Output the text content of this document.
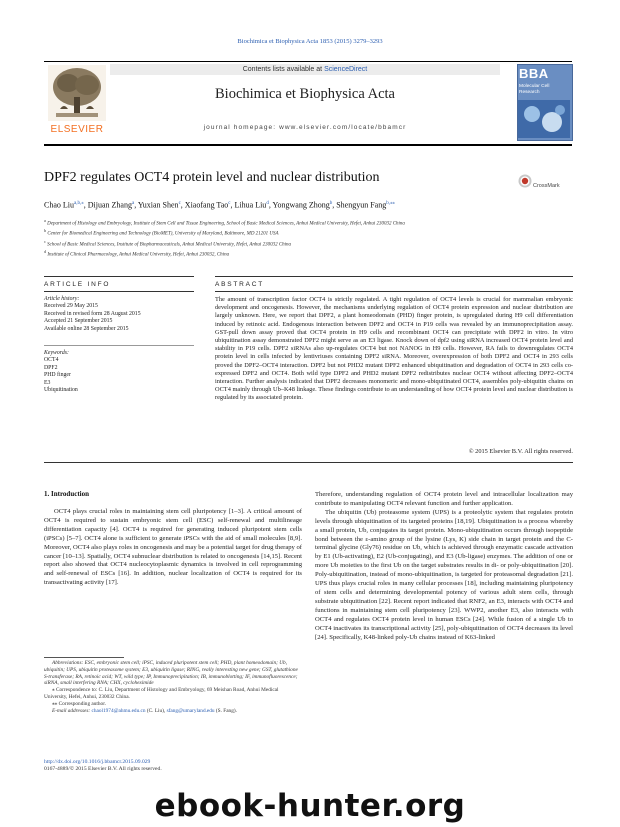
Biochimica et Biophysica Acta 1853 (2015) 3279–3293
Contents lists available at ScienceDirect
Biochimica et Biophysica Acta
journal homepage: www.elsevier.com/locate/bbamcr
ELSEVIER
BBA
Molecular Cell Research
DPF2 regulates OCT4 protein level and nuclear distribution
CrossMark
Chao Liu$^{a,b,⁎}$, Dijuan Zhang$^a$, Yuxian Shen$^c$, Xiaofang Tao$^c$, Lihua Liu$^d$, Yongwang Zhong$^b$, Shengyun Fang$^{b,⁎⁎}$
$^a$ Department of Histology and Embryology, Institute of Stem Cell and Tissue Engineering, School of Basic Medical Sciences, Anhui Medical University, Hefei, Anhui 230032 China
$^b$ Center for Biomedical Engineering and Technology (BioMET), University of Maryland, Baltimore, MD 21201 USA
$^c$ School of Basic Medical Sciences, Institute of Biopharmaceuticals, Anhui Medical University, Hefei, Anhui 230032 China
$^d$ Institute of Clinical Pharmacology, Anhui Medical University, Hefei, Anhui 230032, China
ARTICLE INFO	ABSTRACT
Article history:
Received 29 May 2015
Received in revised form 28 August 2015
Accepted 21 September 2015
Available online 28 September 2015
Keywords:
OCT4
DPF2
PHD finger
E3
Ubiquitination
The amount of transcription factor OCT4 is strictly regulated. A tight regulation of OCT4 levels is crucial for mammalian embryonic development and oncogenesis. However, the mechanisms underlying regulation of OCT4 protein expression and nuclear distribution are largely unknown. Here, we report that DPF2, a plant homeodomain (PHD) finger protein, is upregulated during H9 cell differentiation induced by retinoic acid. Endogenous interaction between DPF2 and OCT4 in P19 cells was revealed by an immunoprecipitation assay. GST-pull down assay proved that OCT4 protein in H9 cells and recombinant OCT4 can precipitate with DPF2 in vitro. In vitro ubiquitination assay demonstrated DPF2 might serve as an E3 ligase. Knock down of dpf2 using siRNA increased OCT4 protein level and stability in P19 cells. DPF2 siRNAs also up-regulates OCT4 but not NANOG in H9 cells. However, RA fails to downregulates OCT4 protein level in cells infected by lentivriuses containing DPF2 siRNA. Moreover, overexpression of both DPF2 and OCT4 in 293 cells proved the DPF2–OCT4 interaction. DPF2 but not PHD2 mutant DPF2 enhanced ubiquitination and degradation of OCT4 in 293 cells co-expressed DPF2 and OCT4. Both wild type DPF2 and PHD2 mutant DPF2 redistributes nuclear OCT4 without affecting DPF2–OCT4 interaction. Further analysis indicated that DPF2 decreases monomeric and mono-ubiquitinated OCT4, assembles poly-ubiquitin chains on OCT4 mainly through Ub–K48 linkage. These findings contribute to an understanding of how OCT4 protein level and nuclear distribution is regulated by its associated protein.
© 2015 Elsevier B.V. All rights reserved.
1. Introduction
OCT4 plays crucial roles in maintaining stem cell pluripotency [1–3]. A critical amount of OCT4 is required to sustain embryonic stem cell (ESC) self-renewal and multilineage differentiation capacity [4]. OCT4 is required for generating induced pluripotent stem cells (iPSCs) [5–7]. OCT4 alone is sufficient to generate iPSCs with the aid of small molecules [8,9]. Moreover, OCT4 also plays roles in oncogenesis and may be a potential target for drug therapy of cancer [10–13]. Spatially, OCT4 subnuclear distribution is related to oncogenesis [14,15]. Recent report also showed that OCT4 nucleocytoplasmic dynamics is involved in cell reprogramming and self-renewal of ESCs [16]. In addition, nuclear localization of OCT4 is required for its transactivating activity [17].

Therefore, understanding regulation of OCT4 protein level and intracellular localization may contribute to manipulating OCT4 relevant function and further application.

The ubiquitin (Ub) proteasome system (UPS) is a proteolytic system that regulates protein levels through ubiquitination of its targeted proteins [18,19]. Ubiquitination is a process whereby a small protein, Ub, conjugates its target protein. Mono-ubiquitination occurs through isopeptide bond between the ε-amino group of the lysine (Lys, K) side chain in target protein and the C-terminal glycine (Gly76) residue on Ub, which is achieved through enzymatic cascade activation by E1 (Ub-activating), E2 (Ub-conjugating), and E3 (Ub-ligase) enzymes. The addition of one or more Ub moieties to the first Ub on the target substrates results in di- or poly-ubiquitination [20]. Poly-ubiquitination, instead of mono-ubiquitination, is targeted for proteasomal degradation [21]. UPS thus plays crucial roles in many cellular processes [18], including maintaining pluripotency of stem cells and determining developmental potency of various adult stem cells, through substrate ubiquitination [22]. Recent report indicated that RNF2, an E3, interacts with OCT4 and functions in maintaining stem cell pluripotency [23]. WWP2, another E3, also interacts with OCT4 and regulates OCT4 protein level in human ESCs [24]. While fusion of a single Ub to OCT4 inactivates its transcriptional activity [25], poly-ubiquitination of OCT4 decreases its level [24]. Specifically, K48-linked poly-Ub chains instead of K63-linked

Abbreviations: ESC, embryonic stem cell; iPSC, induced pluripotent stem cell; PHD, plant homeodomain; Ub, ubiquitin; UPS, ubiquitin proteasome system; E3, ubiquitin ligase; RING, really interesting new gene; GST, glutathione S-transferase; RA, retinoic acid; WT, wild type; IP, Immunoprecipitation; IB, immunoblotting; IF, immunofluorescence; siRNA, small interfering RNA; CHX, cycloheximide
⁎ Correspondence to: C. Liu, Department of Histology and Embryology, 69 Meishan Road, Anhui Medical University, Hefei, Anhui, 230032 China.
⁎⁎ Corresponding author.
E-mail addresses: chaol1974@ahmu.edu.cn (C. Liu), sfang@umaryland.edu (S. Fang).
http://dx.doi.org/10.1016/j.bbamcr.2015.09.029
0167-4889/© 2015 Elsevier B.V. All rights reserved.
ebook-hunter.org
